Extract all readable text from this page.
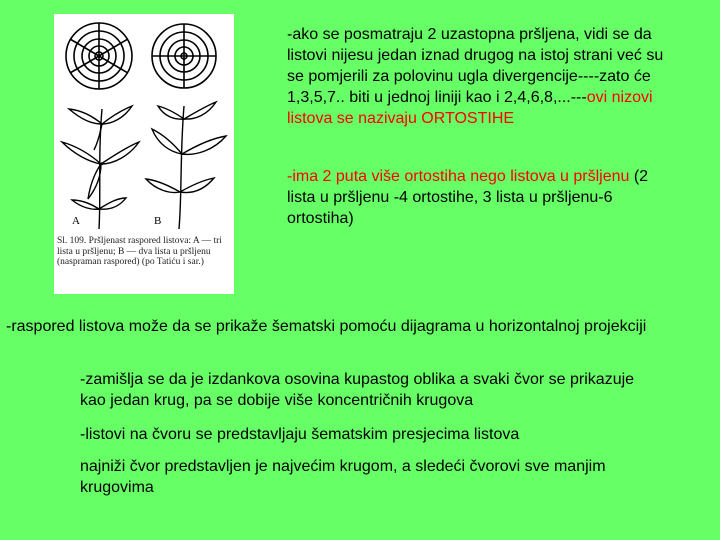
A	B
Sl. 109. Pršljenast raspored listova: A — tri lista u pršljenu; B — dva lista u pršljenu (naspraman raspored) (po Tatiću i sar.)

-ako se posmatraju 2 uzastopna pršljena, vidi se da listovi nijesu jedan iznad drugog na istoj strani već su se pomjerili za polovinu ugla divergencije----zato će 1,3,5,7.. biti u jednoj liniji kao i 2,4,6,8,...---ovi nizovi listova se nazivaju ORTOSTIHE

-ima 2 puta više ortostiha nego listova u pršljenu (2 lista u pršljenu -4 ortostihe, 3 lista u pršljenu-6 ortostiha)

-raspored listova može da se prikaže šematski pomoću dijagrama u horizontalnoj projekciji

-zamišlja se da je izdankova osovina kupastog oblika a svaki čvor se prikazuje kao jedan krug, pa se dobije više koncentričnih krugova

-listovi na čvoru se predstavljaju šematskim presjecima listova

najniži čvor predstavljen je najvećim krugom, a sledeći čvorovi sve manjim krugovima
